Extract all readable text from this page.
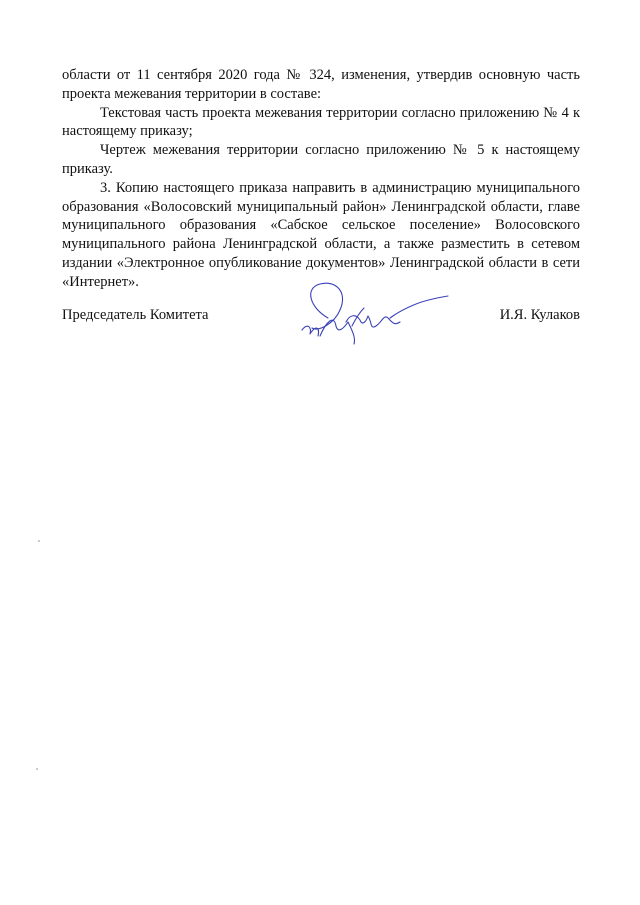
области от 11 сентября 2020 года № 324, изменения, утвердив основную часть проекта межевания территории в составе:

Текстовая часть проекта межевания территории согласно приложению № 4 к настоящему приказу;

Чертеж межевания территории согласно приложению № 5 к настоящему приказу.

3. Копию настоящего приказа направить в администрацию муниципального образования «Волосовский муниципальный район» Ленинградской области, главе муниципального образования «Сабское сельское поселение» Волосовского муниципального района Ленинградской области, а также разместить в сетевом издании «Электронное опубликование документов» Ленинградской области в сети «Интернет».

Председатель Комитета	И.Я. Кулаков
